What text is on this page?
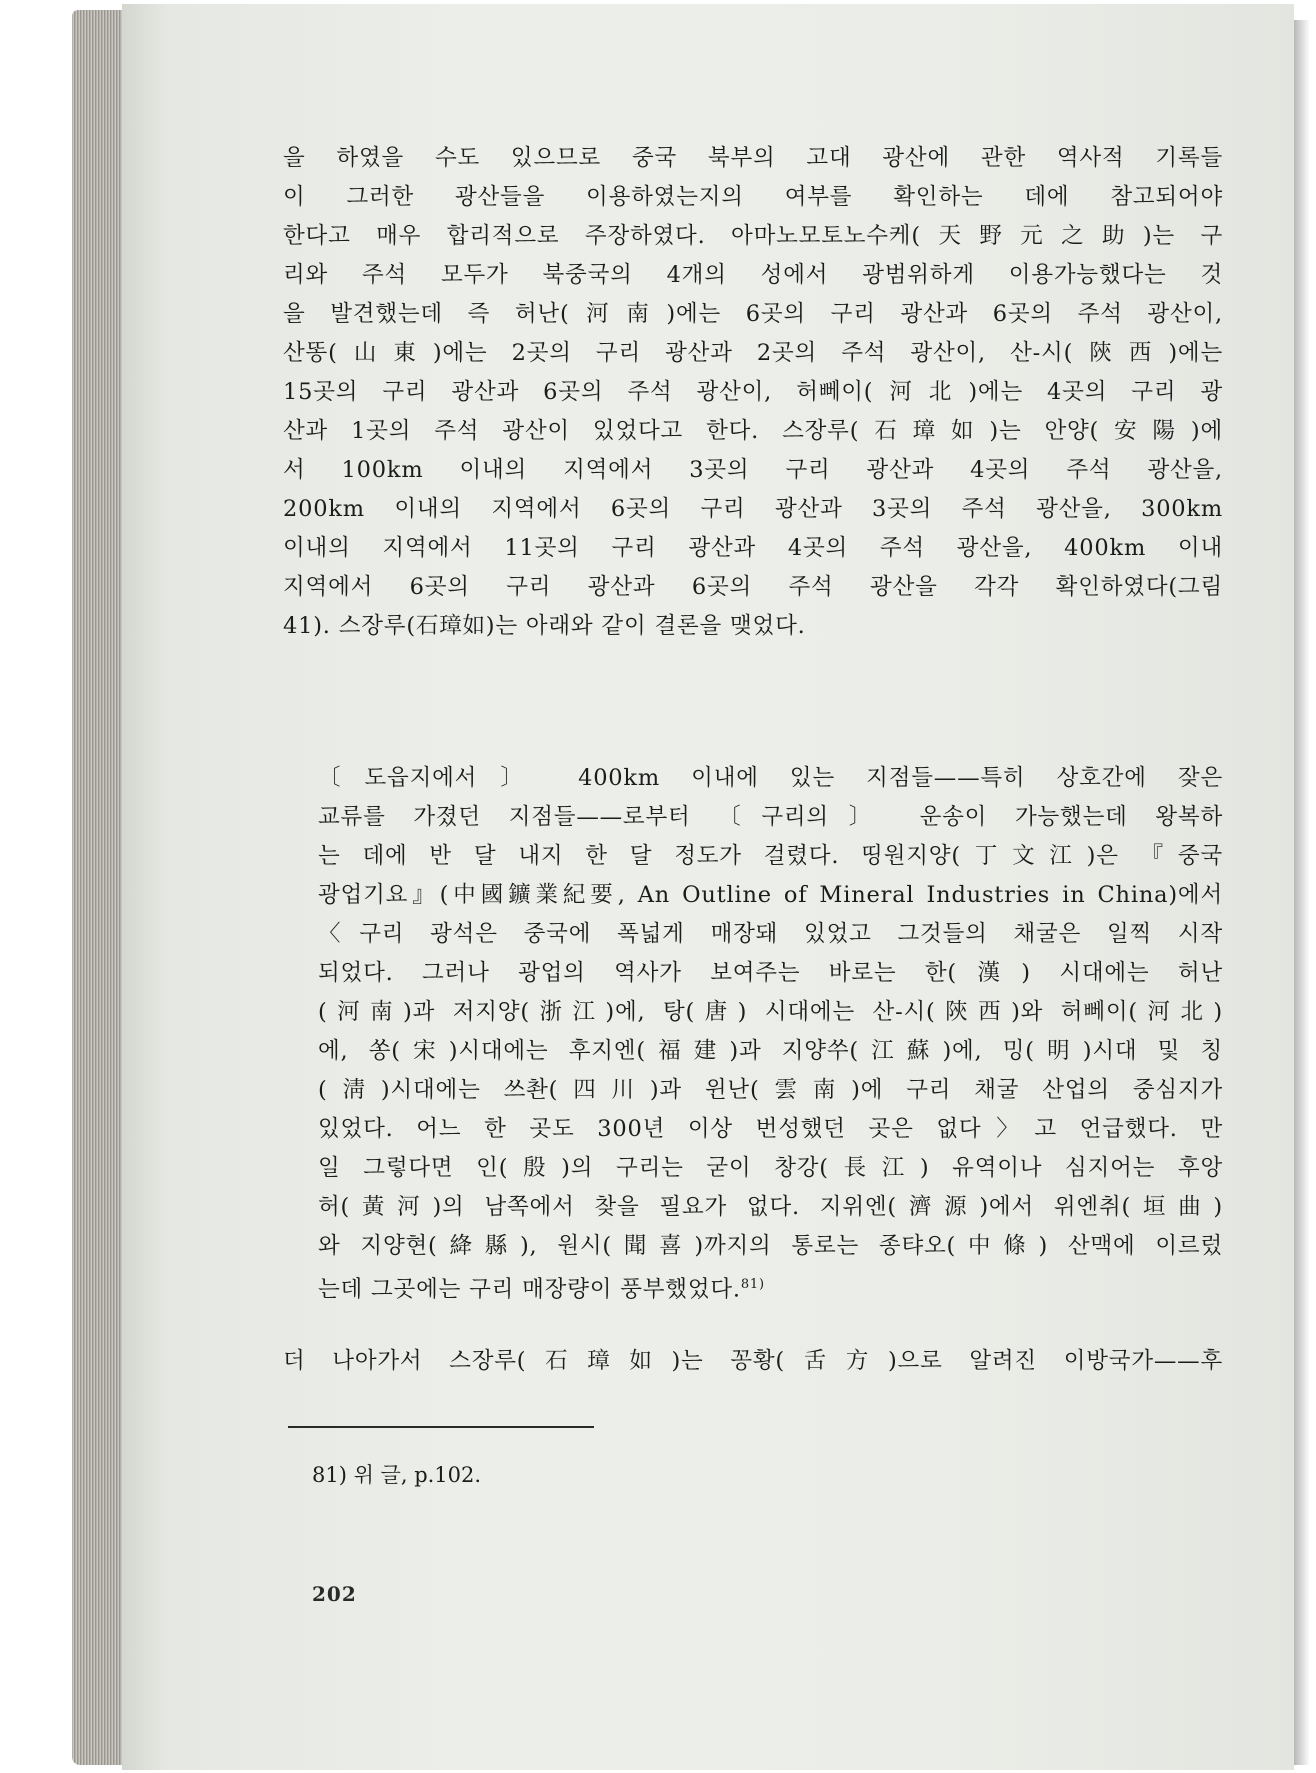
을 하였을 수도 있으므로 중국 북부의 고대 광산에 관한 역사적 기록들
이 그러한 광산들을 이용하였는지의 여부를 확인하는 데에 참고되어야
한다고 매우 합리적으로 주장하였다. 아마노모토노수케(天野元之助)는 구
리와 주석 모두가 북중국의 4개의 성에서 광범위하게 이용가능했다는 것
을 발견했는데 즉 허난(河南)에는 6곳의 구리 광산과 6곳의 주석 광산이,
산똥(山東)에는 2곳의 구리 광산과 2곳의 주석 광산이, 산-시(陝西)에는
15곳의 구리 광산과 6곳의 주석 광산이, 허뻬이(河北)에는 4곳의 구리 광
산과 1곳의 주석 광산이 있었다고 한다. 스장루(石璋如)는 안양(安陽)에
서 100km 이내의 지역에서 3곳의 구리 광산과 4곳의 주석 광산을,
200km 이내의 지역에서 6곳의 구리 광산과 3곳의 주석 광산을, 300km
이내의 지역에서 11곳의 구리 광산과 4곳의 주석 광산을, 400km 이내
지역에서 6곳의 구리 광산과 6곳의 주석 광산을 각각 확인하였다(그림
41). 스장루(石璋如)는 아래와 같이 결론을 맺었다.
〔도읍지에서〕 400km 이내에 있는 지점들——특히 상호간에 잦은
교류를 가졌던 지점들——로부터 〔구리의〕 운송이 가능했는데 왕복하
는 데에 반 달 내지 한 달 정도가 걸렸다. 띵원지양(丁文江)은 『중국
광업기요』(中國鑛業紀要, An Outline of Mineral Industries in China)에서
〈구리 광석은 중국에 폭넓게 매장돼 있었고 그것들의 채굴은 일찍 시작
되었다. 그러나 광업의 역사가 보여주는 바로는 한(漢) 시대에는 허난
(河南)과 저지양(浙江)에, 탕(唐) 시대에는 산-시(陝西)와 허뻬이(河北)
에, 쏭(宋)시대에는 후지엔(福建)과 지양쑤(江蘇)에, 밍(明)시대 및 칭
(淸)시대에는 쓰촨(四川)과 윈난(雲南)에 구리 채굴 산업의 중심지가
있었다. 어느 한 곳도 300년 이상 번성했던 곳은 없다〉고 언급했다. 만
일 그렇다면 인(殷)의 구리는 굳이 창강(長江) 유역이나 심지어는 후앙
허(黃河)의 남쪽에서 찾을 필요가 없다. 지위엔(濟源)에서 위엔취(垣曲)
와 지양현(絳縣), 원시(聞喜)까지의 통로는 종탸오(中條) 산맥에 이르렀
는데 그곳에는 구리 매장량이 풍부했었다.$^{81)}$
더 나아가서 스장루(石璋如)는 꽁황(舌方)으로 알려진 이방국가——후
81) 위 글, p.102.
202
